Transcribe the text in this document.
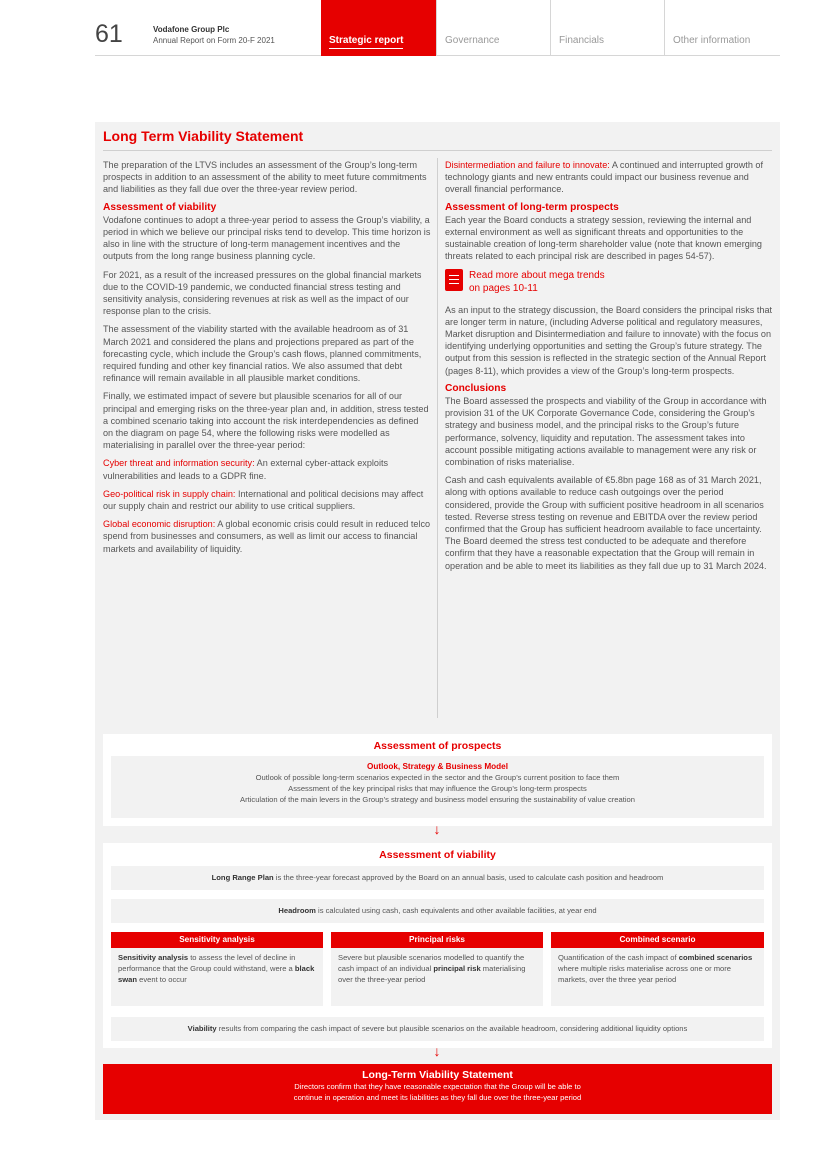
61	Vodafone Group Plc
Annual Report on Form 20-F 2021	Strategic report	Governance	Financials	Other information
Long Term Viability Statement

The preparation of the LTVS includes an assessment of the Group’s long-term prospects in addition to an assessment of the ability to meet future commitments and liabilities as they fall due over the three-year review period.

Assessment of viability

Vodafone continues to adopt a three-year period to assess the Group’s viability, a period in which we believe our principal risks tend to develop. This time horizon is also in line with the structure of long-term management incentives and the outputs from the long range business planning cycle.

For 2021, as a result of the increased pressures on the global financial markets due to the COVID-19 pandemic, we conducted financial stress testing and sensitivity analysis, considering revenues at risk as well as the impact of our response plan to the crisis.

The assessment of the viability started with the available headroom as of 31 March 2021 and considered the plans and projections prepared as part of the forecasting cycle, which include the Group’s cash flows, planned commitments, required funding and other key financial ratios. We also assumed that debt refinance will remain available in all plausible market conditions.

Finally, we estimated impact of severe but plausible scenarios for all of our principal and emerging risks on the three-year plan and, in addition, stress tested a combined scenario taking into account the risk interdependencies as defined on the diagram on page 54, where the following risks were modelled as materialising in parallel over the three-year period:

Cyber threat and information security: An external cyber-attack exploits vulnerabilities and leads to a GDPR fine.

Geo-political risk in supply chain: International and political decisions may affect our supply chain and restrict our ability to use critical suppliers.

Global economic disruption: A global economic crisis could result in reduced telco spend from businesses and consumers, as well as limit our access to financial markets and availability of liquidity.

Disintermediation and failure to innovate: A continued and interrupted growth of technology giants and new entrants could impact our business revenue and overall financial performance.

Assessment of long-term prospects

Each year the Board conducts a strategy session, reviewing the internal and external environment as well as significant threats and opportunities to the sustainable creation of long-term shareholder value (note that known emerging threats related to each principal risk are described in pages 54-57).

Read more about mega trends
on pages 10-11

As an input to the strategy discussion, the Board considers the principal risks that are longer term in nature, (including Adverse political and regulatory measures, Market disruption and Disintermediation and failure to innovate) with the focus on identifying underlying opportunities and setting the Group’s future strategy. The output from this session is reflected in the strategic section of the Annual Report (pages 8-11), which provides a view of the Group’s long-term prospects.

Conclusions

The Board assessed the prospects and viability of the Group in accordance with provision 31 of the UK Corporate Governance Code, considering the Group’s strategy and business model, and the principal risks to the Group’s future performance, solvency, liquidity and reputation. The assessment takes into account possible mitigating actions available to management were any risk or combination of risks materialise.

Cash and cash equivalents available of €5.8bn page 168 as of 31 March 2021, along with options available to reduce cash outgoings over the period considered, provide the Group with sufficient positive headroom in all scenarios tested. Reverse stress testing on revenue and EBITDA over the review period confirmed that the Group has sufficient headroom available to face uncertainty. The Board deemed the stress test conducted to be adequate and therefore confirm that they have a reasonable expectation that the Group will remain in operation and be able to meet its liabilities as they fall due up to 31 March 2024.

Assessment of prospects
Outlook, Strategy & Business Model
Outlook of possible long-term scenarios expected in the sector and the Group’s current position to face them
Assessment of the key principal risks that may influence the Group’s long-term prospects
Articulation of the main levers in the Group’s strategy and business model ensuring the sustainability of value creation
↓
Assessment of viability
Long Range Plan is the three-year forecast approved by the Board on an annual basis, used to calculate cash position and headroom
Headroom is calculated using cash, cash equivalents and other available facilities, at year end
Sensitivity analysis
Sensitivity analysis to assess the level of decline in performance that the Group could withstand, were a black swan event to occur
Principal risks
Severe but plausible scenarios modelled to quantify the cash impact of an individual principal risk materialising over the three-year period
Combined scenario
Quantification of the cash impact of combined scenarios where multiple risks materialise across one or more markets, over the three year period
Viability results from comparing the cash impact of severe but plausible scenarios on the available headroom, considering additional liquidity options
↓
Long-Term Viability Statement
Directors confirm that they have reasonable expectation that the Group will be able to
continue in operation and meet its liabilities as they fall due over the three-year period
